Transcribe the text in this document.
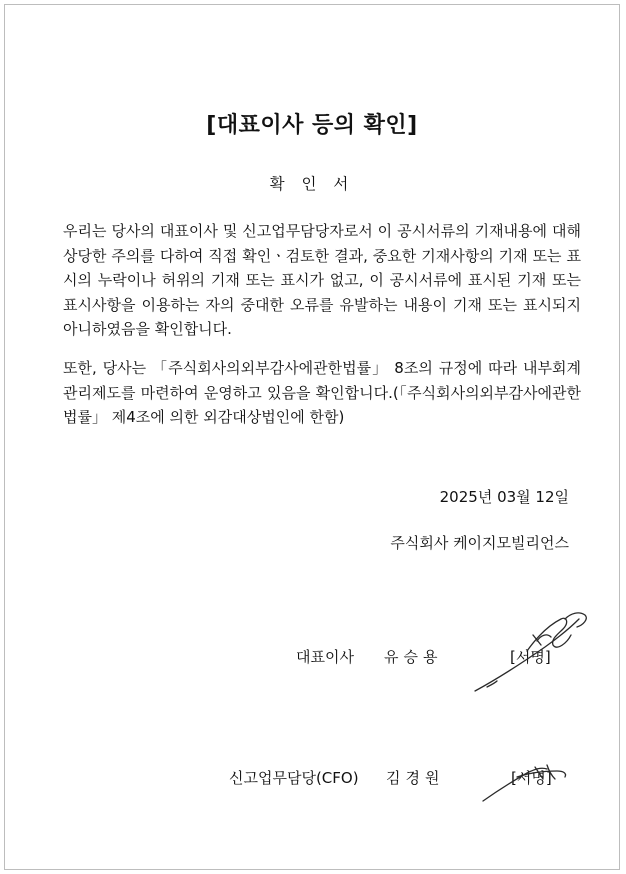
[대표이사 등의 확인]
확 인 서

우리는 당사의 대표이사 및 신고업무담당자로서 이 공시서류의 기재내용에 대해 상당한 주의를 다하여 직접 확인ㆍ검토한 결과, 중요한 기재사항의 기재 또는 표시의 누락이나 허위의 기재 또는 표시가 없고, 이 공시서류에 표시된 기재 또는 표시사항을 이용하는 자의 중대한 오류를 유발하는 내용이 기재 또는 표시되지 아니하였음을 확인합니다.

또한, 당사는 「주식회사의외부감사에관한법률」 8조의 규정에 따라 내부회계관리제도를 마련하여 운영하고 있음을 확인합니다.(「주식회사의외부감사에관한법률」 제4조에 의한 외감대상법인에 한함)

2025년 03월 12일
주식회사 케이지모빌리언스
대표이사 유승용	[서명]
신고업무담당(CFO) 김경원	[서명]
